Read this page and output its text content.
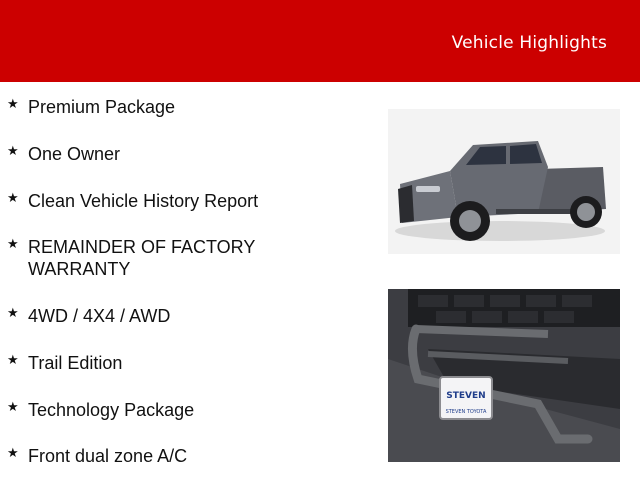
Vehicle Highlights
★ Premium Package
★ One Owner
★ Clean Vehicle History Report
★ REMAINDER OF FACTORY WARRANTY
★ 4WD / 4X4 / AWD
★ Trail Edition
★ Technology Package
★ Front dual zone A/C
STEVEN
STEVEN TOYOTA
